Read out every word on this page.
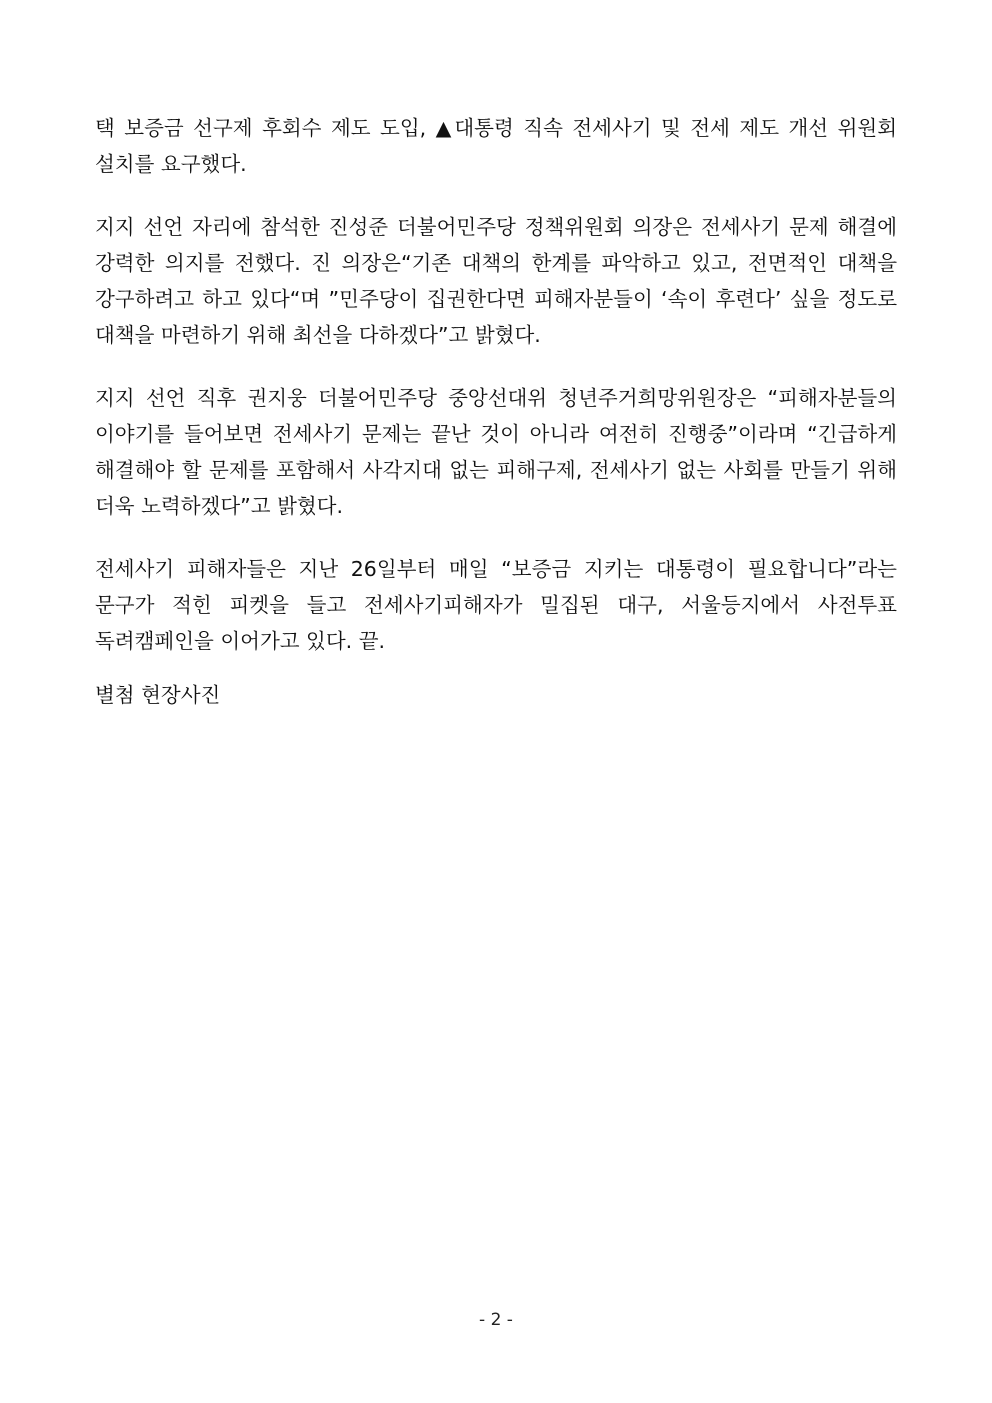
택 보증금 선구제 후회수 제도 도입, ▲대통령 직속 전세사기 및 전세 제도 개선 위원회 설치를 요구했다.

지지 선언 자리에 참석한 진성준 더불어민주당 정책위원회 의장은 전세사기 문제 해결에 강력한 의지를 전했다. 진 의장은“기존 대책의 한계를 파악하고 있고, 전면적인 대책을 강구하려고 하고 있다“며 ”민주당이 집권한다면 피해자분들이 ‘속이 후련다’ 싶을 정도로 대책을 마련하기 위해 최선을 다하겠다”고 밝혔다.

지지 선언 직후 권지웅 더불어민주당 중앙선대위 청년주거희망위원장은 “피해자분들의 이야기를 들어보면 전세사기 문제는 끝난 것이 아니라 여전히 진행중”이라며 “긴급하게 해결해야 할 문제를 포함해서 사각지대 없는 피해구제, 전세사기 없는 사회를 만들기 위해 더욱 노력하겠다”고 밝혔다.

전세사기 피해자들은 지난 26일부터 매일 “보증금 지키는 대통령이 필요합니다”라는 문구가 적힌 피켓을 들고 전세사기피해자가 밀집된 대구, 서울등지에서 사전투표 독려캠페인을 이어가고 있다. 끝.

별첨 현장사진

- 2 -
